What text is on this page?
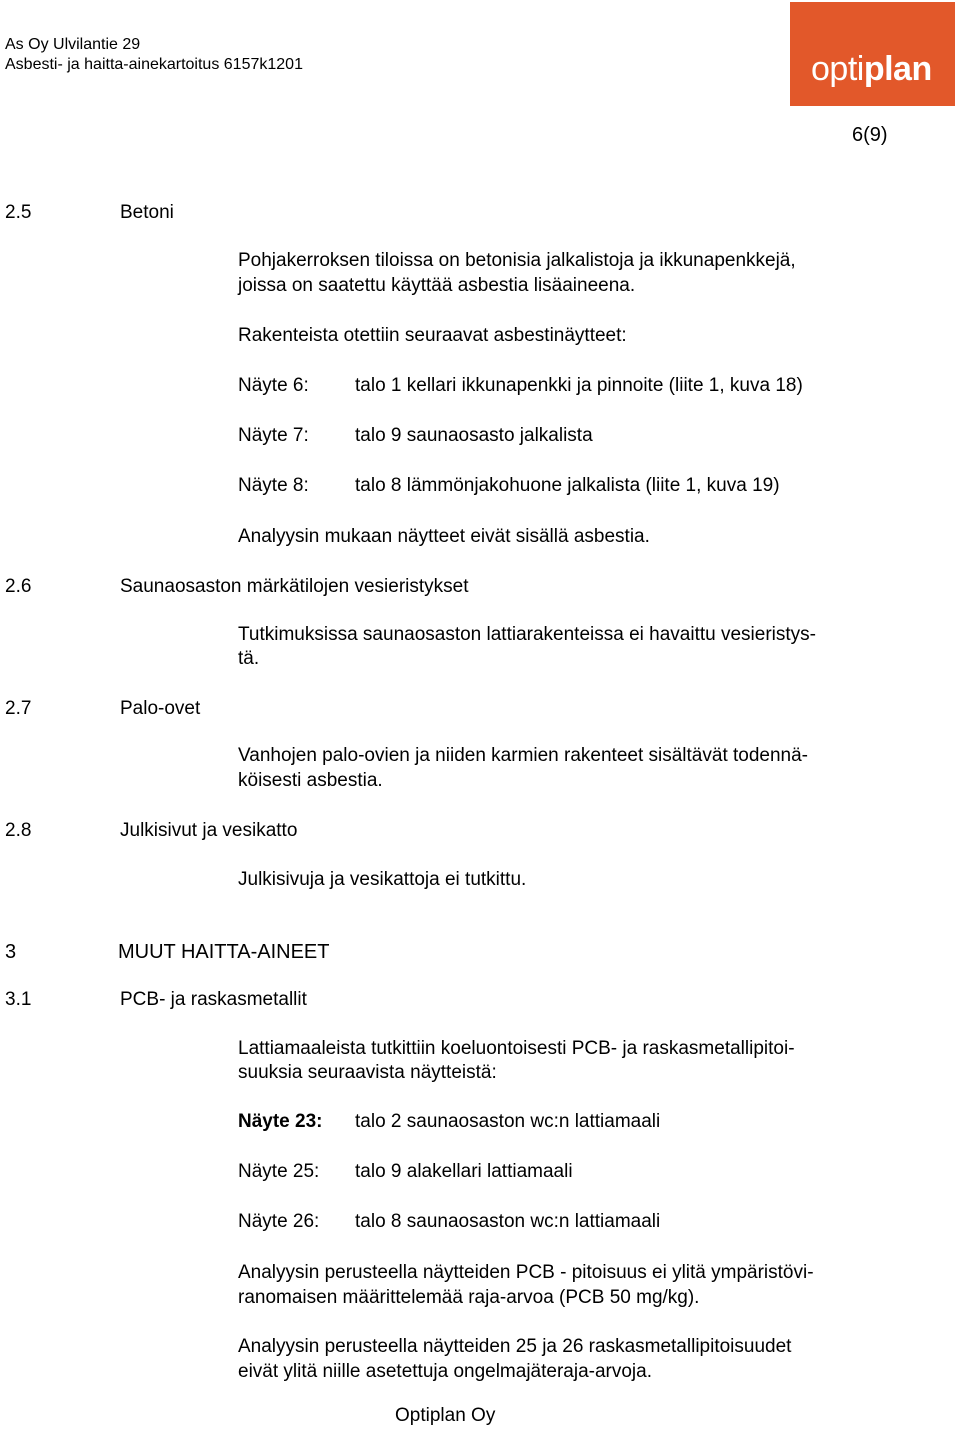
As Oy Ulvilantie 29
Asbesti- ja haitta-ainekartoitus 6157k1201	optiplan
6(9)
2.5	Betoni
Pohjakerroksen tiloissa on betonisia jalkalistoja ja ikkunapenkkejä,
joissa on saatettu käyttää asbestia lisäaineena.
Rakenteista otettiin seuraavat asbestinäytteet:
Näyte 6: talo 1 kellari ikkunapenkki ja pinnoite (liite 1, kuva 18)
Näyte 7: talo 9 saunaosasto jalkalista
Näyte 8: talo 8 lämmönjakohuone jalkalista (liite 1, kuva 19)
Analyysin mukaan näytteet eivät sisällä asbestia.
2.6	Saunaosaston märkätilojen vesieristykset
Tutkimuksissa saunaosaston lattiarakenteissa ei havaittu vesieristys-
tä.
2.7	Palo-ovet
Vanhojen palo-ovien ja niiden karmien rakenteet sisältävät todennä-
köisesti asbestia.
2.8	Julkisivut ja vesikatto
Julkisivuja ja vesikattoja ei tutkittu.
3	MUUT HAITTA-AINEET
3.1	PCB- ja raskasmetallit
Lattiamaaleista tutkittiin koeluontoisesti PCB- ja raskasmetallipitoi-
suuksia seuraavista näytteistä:
Näyte 23: talo 2 saunaosaston wc:n lattiamaali
Näyte 25: talo 9 alakellari lattiamaali
Näyte 26: talo 8 saunaosaston wc:n lattiamaali
Analyysin perusteella näytteiden PCB - pitoisuus ei ylitä ympäristövi-
ranomaisen määrittelemää raja-arvoa (PCB 50 mg/kg).
Analyysin perusteella näytteiden 25 ja 26 raskasmetallipitoisuudet
eivät ylitä niille asetettuja ongelmajäteraja-arvoja.
Optiplan Oy
